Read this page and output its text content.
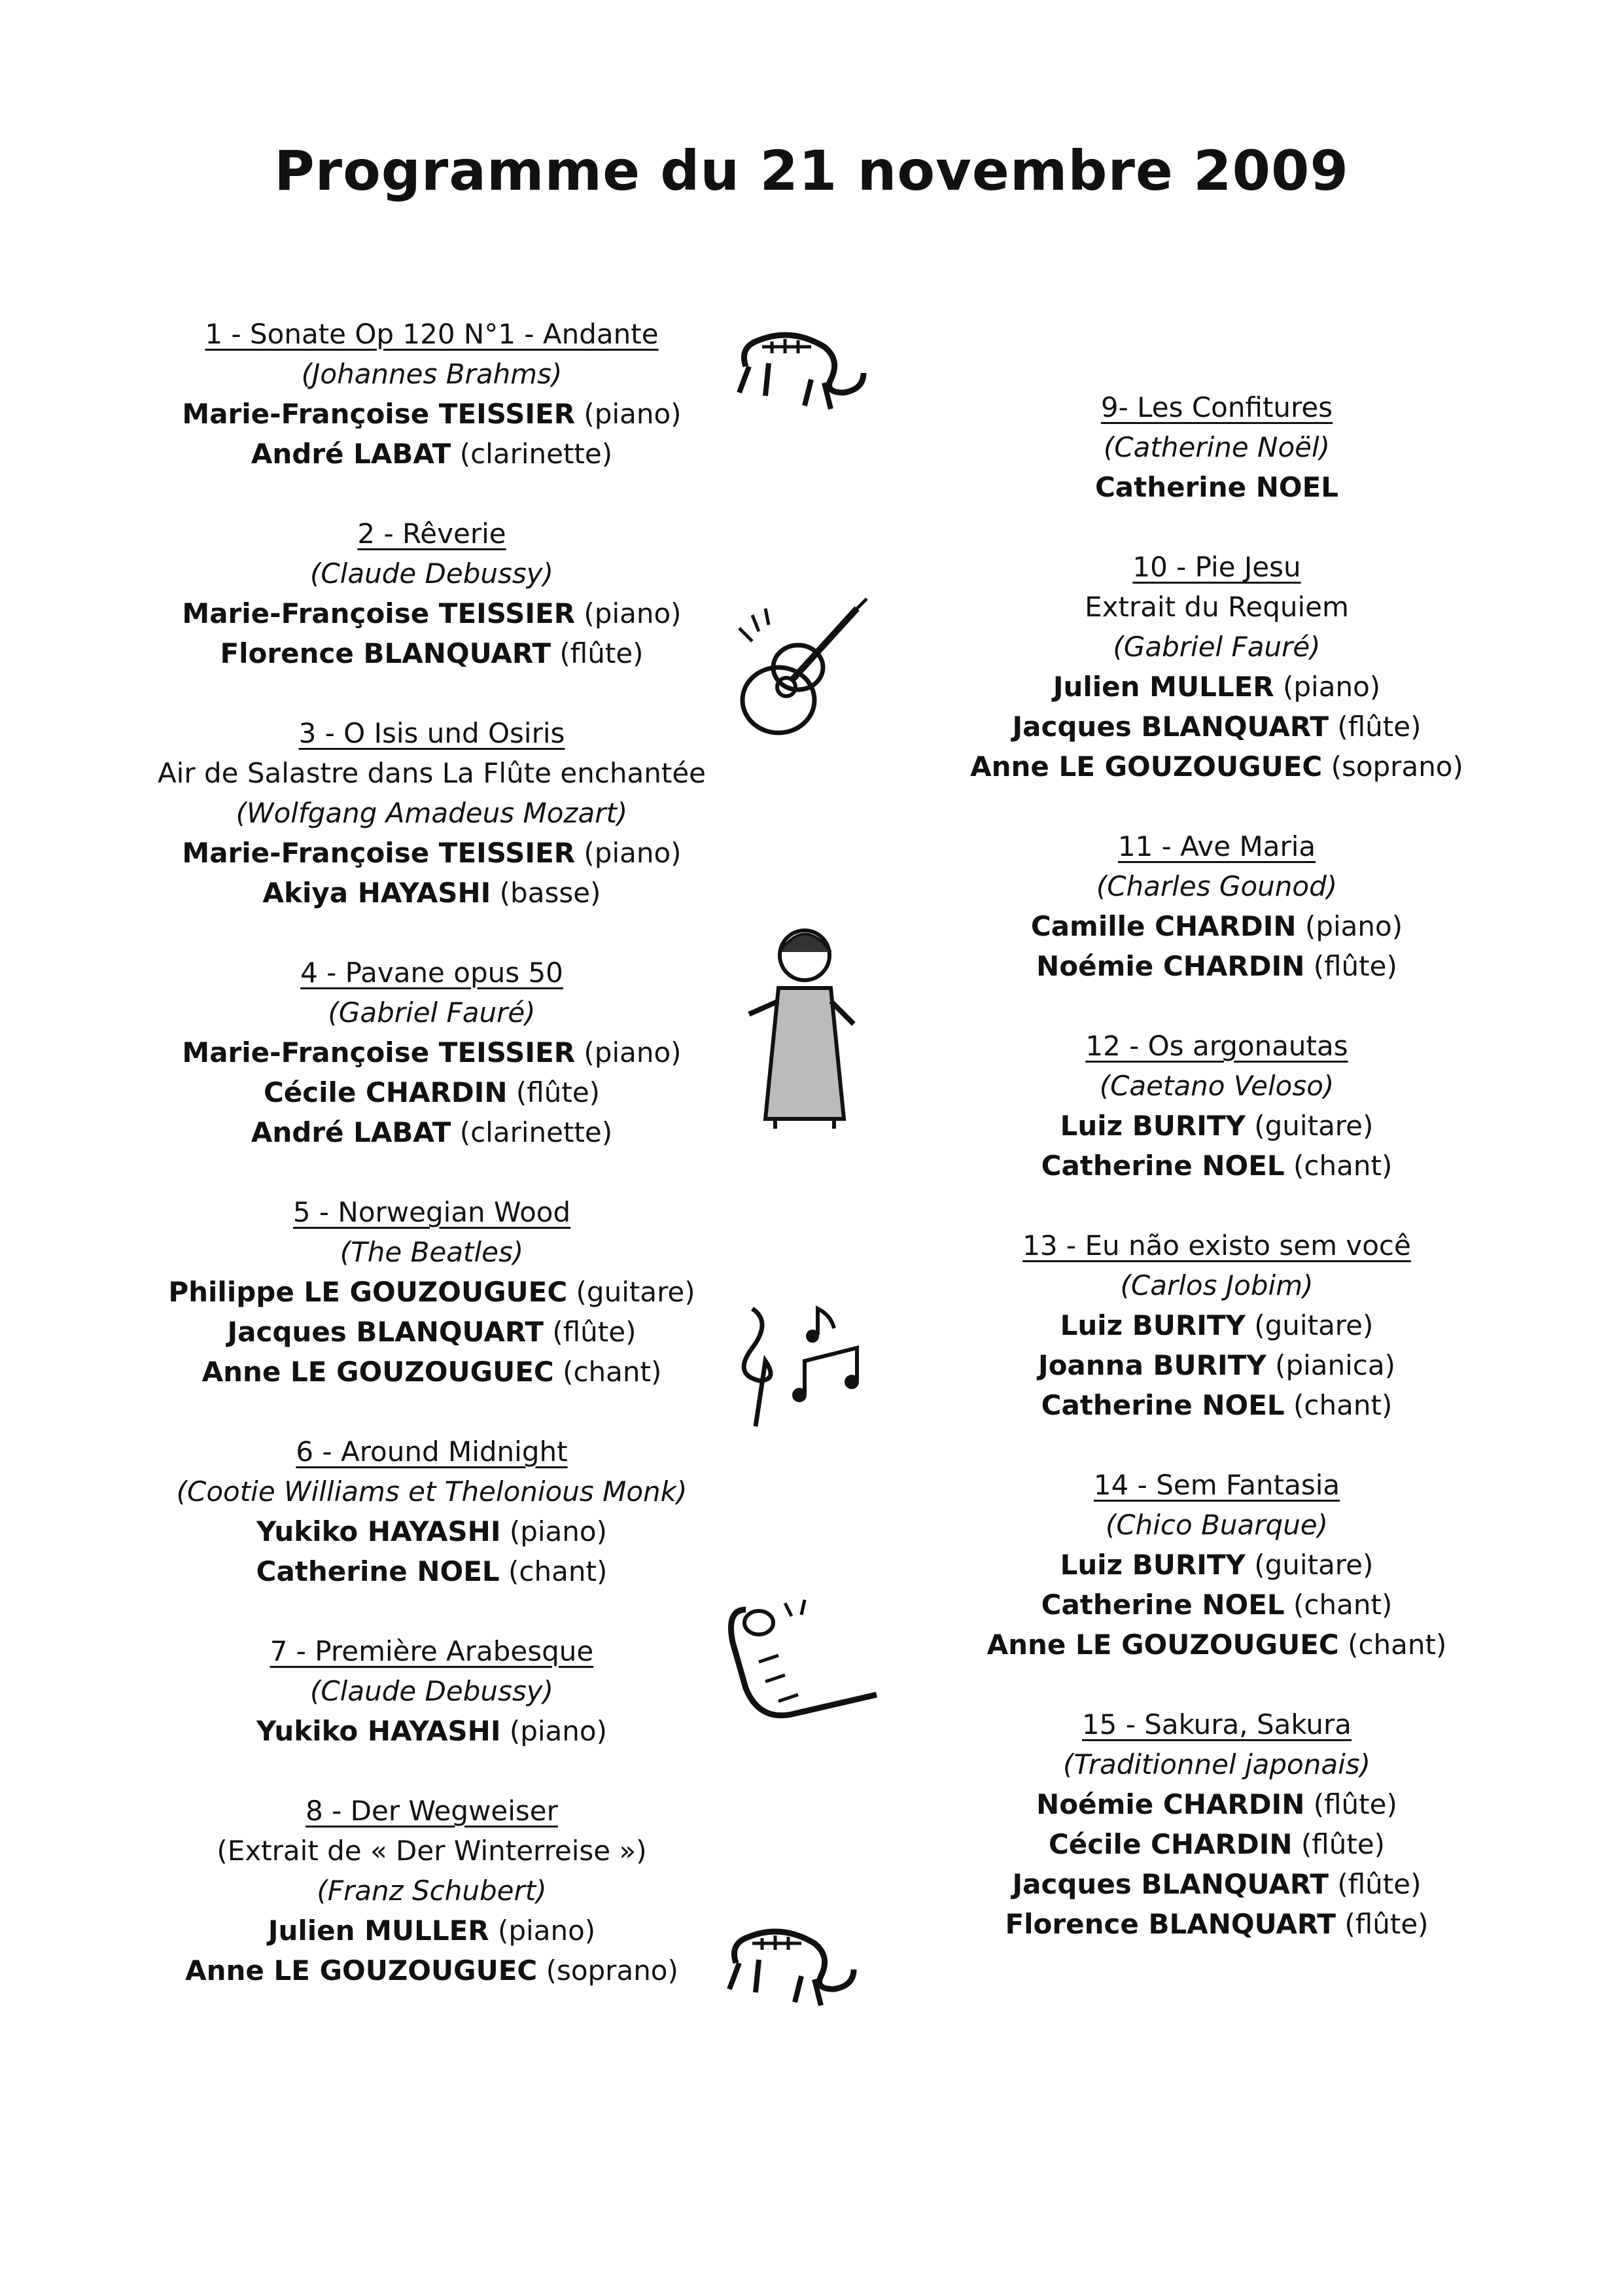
Programme du 21 novembre 2009
1 - Sonate Op 120 N°1 - Andante
(Johannes Brahms)
Marie-Françoise TEISSIER (piano)
André LABAT (clarinette)
2 - Rêverie
(Claude Debussy)
Marie-Françoise TEISSIER (piano)
Florence BLANQUART (flûte)
3 - O Isis und Osiris
Air de Salastre dans La Flûte enchantée
(Wolfgang Amadeus Mozart)
Marie-Françoise TEISSIER (piano)
Akiya HAYASHI (basse)
4 - Pavane opus 50
(Gabriel Fauré)
Marie-Françoise TEISSIER (piano)
Cécile CHARDIN (flûte)
André LABAT (clarinette)
5 - Norwegian Wood
(The Beatles)
Philippe LE GOUZOUGUEC (guitare)
Jacques BLANQUART (flûte)
Anne LE GOUZOUGUEC (chant)
6 - Around Midnight
(Cootie Williams et Thelonious Monk)
Yukiko HAYASHI (piano)
Catherine NOEL (chant)
7 - Première Arabesque
(Claude Debussy)
Yukiko HAYASHI (piano)
8 - Der Wegweiser
(Extrait de « Der Winterreise »)
(Franz Schubert)
Julien MULLER (piano)
Anne LE GOUZOUGUEC (soprano)
9- Les Confitures
(Catherine Noël)
Catherine NOEL
10 - Pie Jesu
Extrait du Requiem
(Gabriel Fauré)
Julien MULLER (piano)
Jacques BLANQUART (flûte)
Anne LE GOUZOUGUEC (soprano)
11 - Ave Maria
(Charles Gounod)
Camille CHARDIN (piano)
Noémie CHARDIN (flûte)
12 - Os argonautas
(Caetano Veloso)
Luiz BURITY (guitare)
Catherine NOEL (chant)
13 - Eu não existo sem você
(Carlos Jobim)
Luiz BURITY (guitare)
Joanna BURITY (pianica)
Catherine NOEL (chant)
14 - Sem Fantasia
(Chico Buarque)
Luiz BURITY (guitare)
Catherine NOEL (chant)
Anne LE GOUZOUGUEC (chant)
15 - Sakura, Sakura
(Traditionnel japonais)
Noémie CHARDIN (flûte)
Cécile CHARDIN (flûte)
Jacques BLANQUART (flûte)
Florence BLANQUART (flûte)
